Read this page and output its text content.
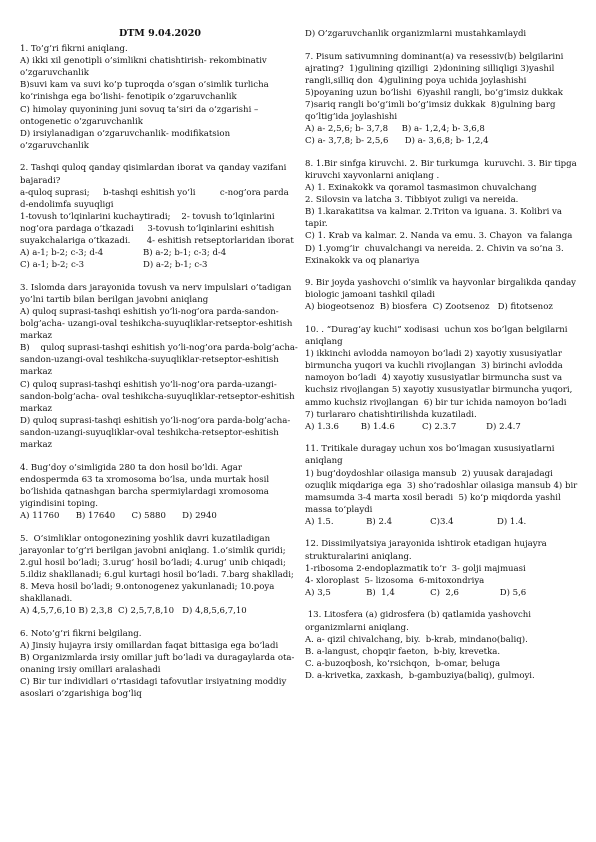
DTM 9.04.2020
1. To’g’ri fikrni aniqlang.
A) ikki xil genotipli o’simlikni chatishtirish- rekombinativ o’zgaruvchanlik
B)suvi kam va suvi ko’p tuproqda o’sgan o’simlik turlicha ko’rinishga ega bo’lishi- fenotipik o’zgaruvchanlik
C) himolay quyonining juni sovuq ta’siri da o’zgarishi – ontogenetic o’zgaruvchanlik
D) irsiylanadigan o’zgaruvchanlik- modifikatsion o’zgaruvchanlik
2. Tashqi quloq qanday qisimlardan iborat va qanday vazifani bajaradi?
a-quloq suprasi;     b-tashqi eshitish yo’li         c-nog’ora parda   d-endolimfa suyuqligi
1-tovush to’lqinlarini kuchaytiradi;    2- tovush to’lqinlarini nog’ora pardaga o’tkazadi     3-tovush to’lqinlarini eshitish suyakchalariga o’tkazadi.      4- eshitish retseptorlaridan iborat
A) a-1; b-2; c-3; d-4	B) a-2; b-1; c-3; d-4
C) a-1; b-2; c-3	D) a-2; b-1; c-3
3. Islomda dars jarayonida tovush va nerv impulslari o’tadigan yo’lni tartib bilan berilgan javobni aniqlang
A) quloq suprasi-tashqi eshitish yo’li-nog’ora parda-sandon- bolg’acha- uzangi-oval teshikcha-suyuqliklar-retseptor-eshitish markaz
B)    quloq suprasi-tashqi eshitish yo’li-nog’ora parda-bolg’acha-sandon-uzangi-oval teshikcha-suyuqliklar-retseptor-eshitish markaz
C) quloq suprasi-tashqi eshitish yo’li-nog’ora parda-uzangi- sandon-bolg’acha- oval teshikcha-suyuqliklar-retseptor-eshitish markaz
D) quloq suprasi-tashqi eshitish yo’li-nog’ora parda-bolg’acha-sandon-uzangi-suyuqliklar-oval teshikcha-retseptor-eshitish markaz
4. Bug’doy o’simligida 280 ta don hosil bo’ldi. Agar endospermda 63 ta xromosoma bo’lsa, unda murtak hosil bo’lishida qatnashgan barcha spermiylardagi xromosoma yigindisini toping.
A) 11760      B) 17640      C) 5880      D) 2940
5.  O’simliklar ontogonezining yoshlik davri kuzatiladigan jarayonlar to’g’ri berilgan javobni aniqlang. 1.o’simlik quridi; 2.gul hosil bo’ladi; 3.urug’ hosil bo’ladi; 4.urug’ unib chiqadi; 5.ildiz shakllanadi; 6.gul kurtagi hosil bo’ladi. 7.barg shaklladi; 8. Meva hosil bo’ladi; 9.ontonogenez yakunlanadi; 10.poya shakllanadi.
A) 4,5,7,6,10 B) 2,3,8  C) 2,5,7,8,10   D) 4,8,5,6,7,10
6. Noto’g’ri fikrni belgilang.
A) Jinsiy hujayra irsiy omillardan faqat bittasiga ega bo’ladi
B) Organizmlarda irsiy omillar juft bo’ladi va duragaylarda ota-onaning irsiy omillari aralashadi
C) Bir tur individlari o’rtasidagi tafovutlar irsiyatning moddiy asoslari o’zgarishiga bog’liq
D) O’zgaruvchanlik organizmlarni mustahkamlaydi
7. Pisum sativumning dominant(a) va resessiv(b) belgilarini ajrating?  1)gulining qizilligi  2)donining silliqligi 3)yashil rangli,silliq don  4)gulining poya uchida joylashishi  5)poyaning uzun bo’lishi  6)yashil rangli, bo’g’imsiz dukkak  7)sariq rangli bo’g’imli bo’g’imsiz dukkak  8)gulning barg qo’ltig’ida joylashishi
A) a- 2,5,6; b- 3,7,8     B) a- 1,2,4; b- 3,6,8
C) a- 3,7,8; b- 2,5,6      D) a- 3,6,8; b- 1,2,4
8. 1.Bir sinfga kiruvchi. 2. Bir turkumga  kuruvchi. 3. Bir tipga kiruvchi xayvonlarni aniqlang .
A) 1. Exinakokk va qoramol tasmasimon chuvalchang
2. Silovsin va latcha 3. Tibbiyot zuligi va nereida.
B) 1.karakatitsa va kalmar. 2.Triton va iguana. 3. Kolibri va tapir.
C) 1. Krab va kalmar. 2. Nanda va emu. 3. Chayon  va falanga
D) 1.yomg’ir  chuvalchangi va nereida. 2. Chivin va so’na 3. Exinakokk va oq planariya
9. Bir joyda yashovchi o’simlik va hayvonlar birgalikda qanday biologic jamoani tashkil qiladi
A) biogeotsenoz  B) biosfera  C) Zootsenoz   D) fitotsenoz
10. . “Durag‘ay kuchi” xodisasi  uchun xos bo’lgan belgilarni aniqlang
1) ikkinchi avlodda namoyon bo‘ladi 2) xayotiy xususiyatlar birmuncha yuqori va kuchli rivojlangan  3) birinchi avlodda namoyon bo‘ladi  4) xayotiy xususiyatlar birmuncha sust va kuchsiz rivojlangan 5) xayotiy xususiyatlar birmuncha yuqori, ammo kuchsiz rivojlangan  6) bir tur ichida namoyon bo‘ladi
7) turlararo chatishtirilishda kuzatiladi.
A) 1.3.6        B) 1.4.6          C) 2.3.7           D) 2.4.7
11. Tritikale duragay uchun xos bo’lmagan xususiyatlarni aniqlang
1) bug‘doydoshlar oilasiga mansub  2) yuusak darajadagi ozuqlik miqdariga ega  3) sho‘radoshlar oilasiga mansub 4) bir mamsumda 3-4 marta xosil beradi  5) ko‘p miqdorda yashil massa to‘playdi
A) 1.5.            B) 2.4              C)3.4                D) 1.4.
12. Dissimilyatsiya jarayonida ishtirok etadigan hujayra strukturalarini aniqlang.
1-ribosoma 2-endoplazmatik to’r  3- golji majmuasi
4- xloroplast  5- lizosoma  6-mitoxondriya
A) 3,5             B)  1,4             C)  2,6               D) 5,6
13. Litosfera (a) gidrosfera (b) qatlamida yashovchi organizmlarni aniqlang.
A. a- qizil chivalchang, biy.  b-krab, mindano(baliq).
B. a-langust, chopqir faeton,  b-biy, krevetka.
C. a-buzoqbosh, ko‘rsichqon,  b-omar, beluga
D. a-krivetka, zaxkash,  b-gambuziya(baliq), gulmoyi.
